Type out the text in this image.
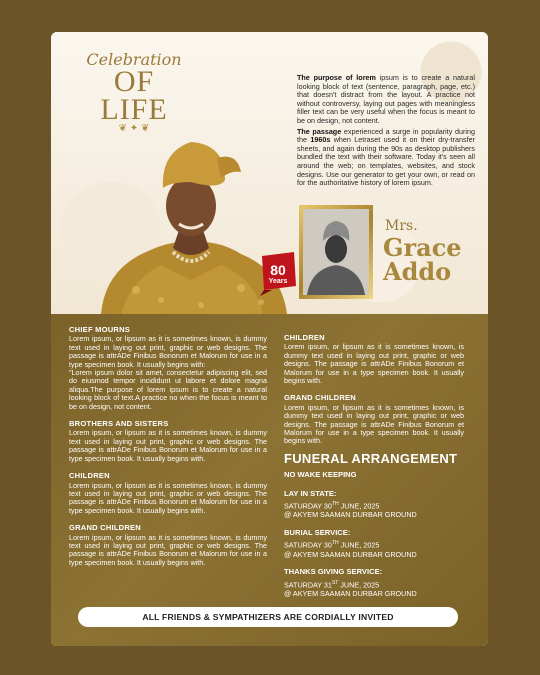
Celebration
OF LIFE
❦ ✦ ❦

The purpose of lorem ipsum is to create a natural looking block of text (sentence, paragraph, page, etc.) that doesn't distract from the layout. A practice not without controversy, laying out pages with meaningless filler text can be very useful when the focus is meant to be on design, not content.

The passage experienced a surge in popularity during the 1960s when Letraset used it on their dry-transfer sheets, and again during the 90s as desktop publishers bundled the text with their software. Today it's seen all around the web; on templates, websites, and stock designs. Use our generator to get your own, or read on for the authoritative history of lorem ipsum.

80
Years
Mrs.
Grace
Addo
CHIEF MOURNS

Lorem ipsum, or lipsum as it is sometimes known, is dummy text used in laying out print, graphic or web designs. The passage is attrADe Finibus Bonorum et Malorum for use in a type specimen book. It usually begins with:

"Lorem ipsum dolor sit amet, consectetur adipiscing elit, sed do eiusmod tempor incididunt ut labore et dolore magna aliqua.The purpose of lorem ipsum is to create a natural looking block of text.A practice no when the focus is meant to be on design, not content.

BROTHERS AND SISTERS

Lorem ipsum, or lipsum as it is sometimes known, is dummy text used in laying out print, graphic or web designs. The passage is attrADe Finibus Bonorum et Malorum for use in a type specimen book. It usually begins with.

CHILDREN

Lorem ipsum, or lipsum as it is sometimes known, is dummy text used in laying out print, graphic or web designs. The passage is attrADe Finibus Bonorum et Malorum for use in a type specimen book. It usually begins with.

GRAND CHILDREN

Lorem ipsum, or lipsum as it is sometimes known, is dummy text used in laying out print, graphic or web designs. The passage is attrADe Finibus Bonorum et Malorum for use in a type specimen book. It usually begins with.

CHILDREN

Lorem ipsum, or lipsum as it is sometimes known, is dummy text used in laying out print, graphic or web designs. The passage is attrADe Finibus Bonorum et Malorum for use in a type specimen book. It usually begins with.

GRAND CHILDREN

Lorem ipsum, or lipsum as it is sometimes known, is dummy text used in laying out print, graphic or web designs. The passage is attrADe Finibus Bonorum et Malorum for use in a type specimen book. It usually begins with.

FUNERAL ARRANGEMENT
NO WAKE KEEPING
LAY IN STATE:
SATURDAY 30TH JUNE, 2025
@ AKYEM SAAMAN DURBAR GROUND
BURIAL SERVICE:
SATURDAY 30TH JUNE, 2025
@ AKYEM SAAMAN DURBAR GROUND
THANKS GIVING SERVICE:
SATURDAY 31ST JUNE, 2025
@ AKYEM SAAMAN DURBAR GROUND
ALL FRIENDS & SYMPATHIZERS ARE CORDIALLY INVITED
